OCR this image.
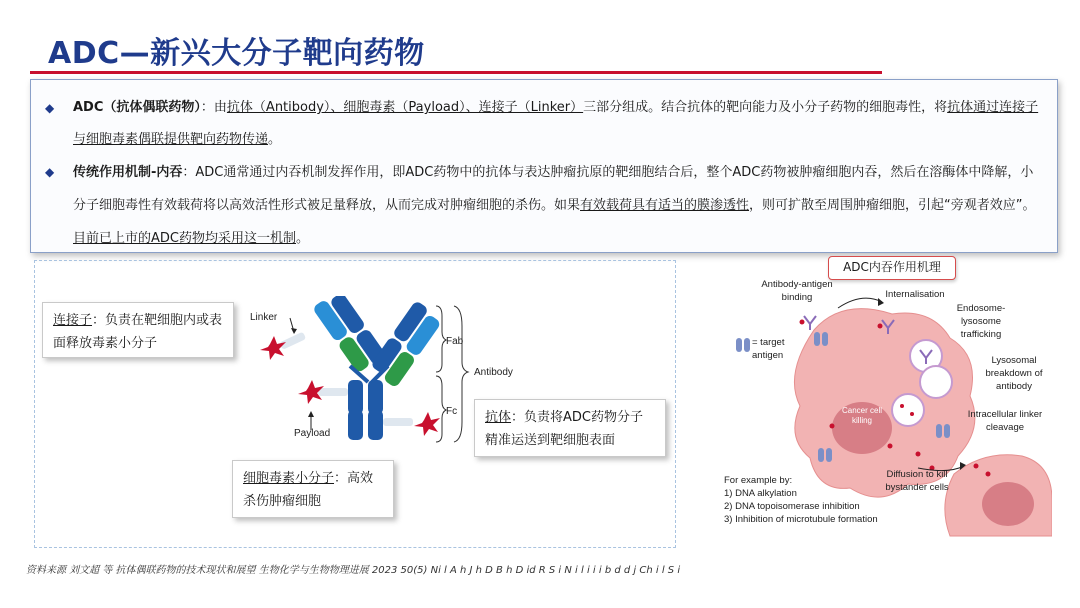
ADC—新兴大分子靶向药物
◆	ADC（抗体偶联药物）：由抗体（Antibody）、细胞毒素（Payload）、连接子（Linker）三部分组成。结合抗体的靶向能力及小分子药物的细胞毒性，将抗体通过连接子与细胞毒素偶联提供靶向药物传递。
◆	传统作用机制-内吞：ADC通常通过内吞机制发挥作用，即ADC药物中的抗体与表达肿瘤抗原的靶细胞结合后，整个ADC药物被肿瘤细胞内吞，然后在溶酶体中降解，小分子细胞毒性有效载荷将以高效活性形式被足量释放，从而完成对肿瘤细胞的杀伤。如果有效载荷具有适当的膜渗透性，则可扩散至周围肿瘤细胞，引起“旁观者效应”。目前已上市的ADC药物均采用这一机制。
Linker
Fab
Fc
Antibody
Payload
连接子：负责在靶细胞内或表面释放毒素小分子
抗体：负责将ADC药物分子精准运送到靶细胞表面
细胞毒素小分子：高效杀伤肿瘤细胞
ADC内吞作用机理
Antibody-antigen binding	Internalisation
Endosome-lysosome trafficking
= target antigen	Lysosomal breakdown of antibody
Cancer cell killing
Intracellular linker cleavage
Diffusion to kill bystander cells
For example by:
1) DNA alkylation
2) DNA topoisomerase inhibition
3) Inhibition of microtubule formation
资料来源 刘文超 等 抗体偶联药物的技术现状和展望 生物化学与生物物理进展 2023 50(5) Ni l A h J h D B h D id R S i N i l i i i b d d j Ch i l S i
